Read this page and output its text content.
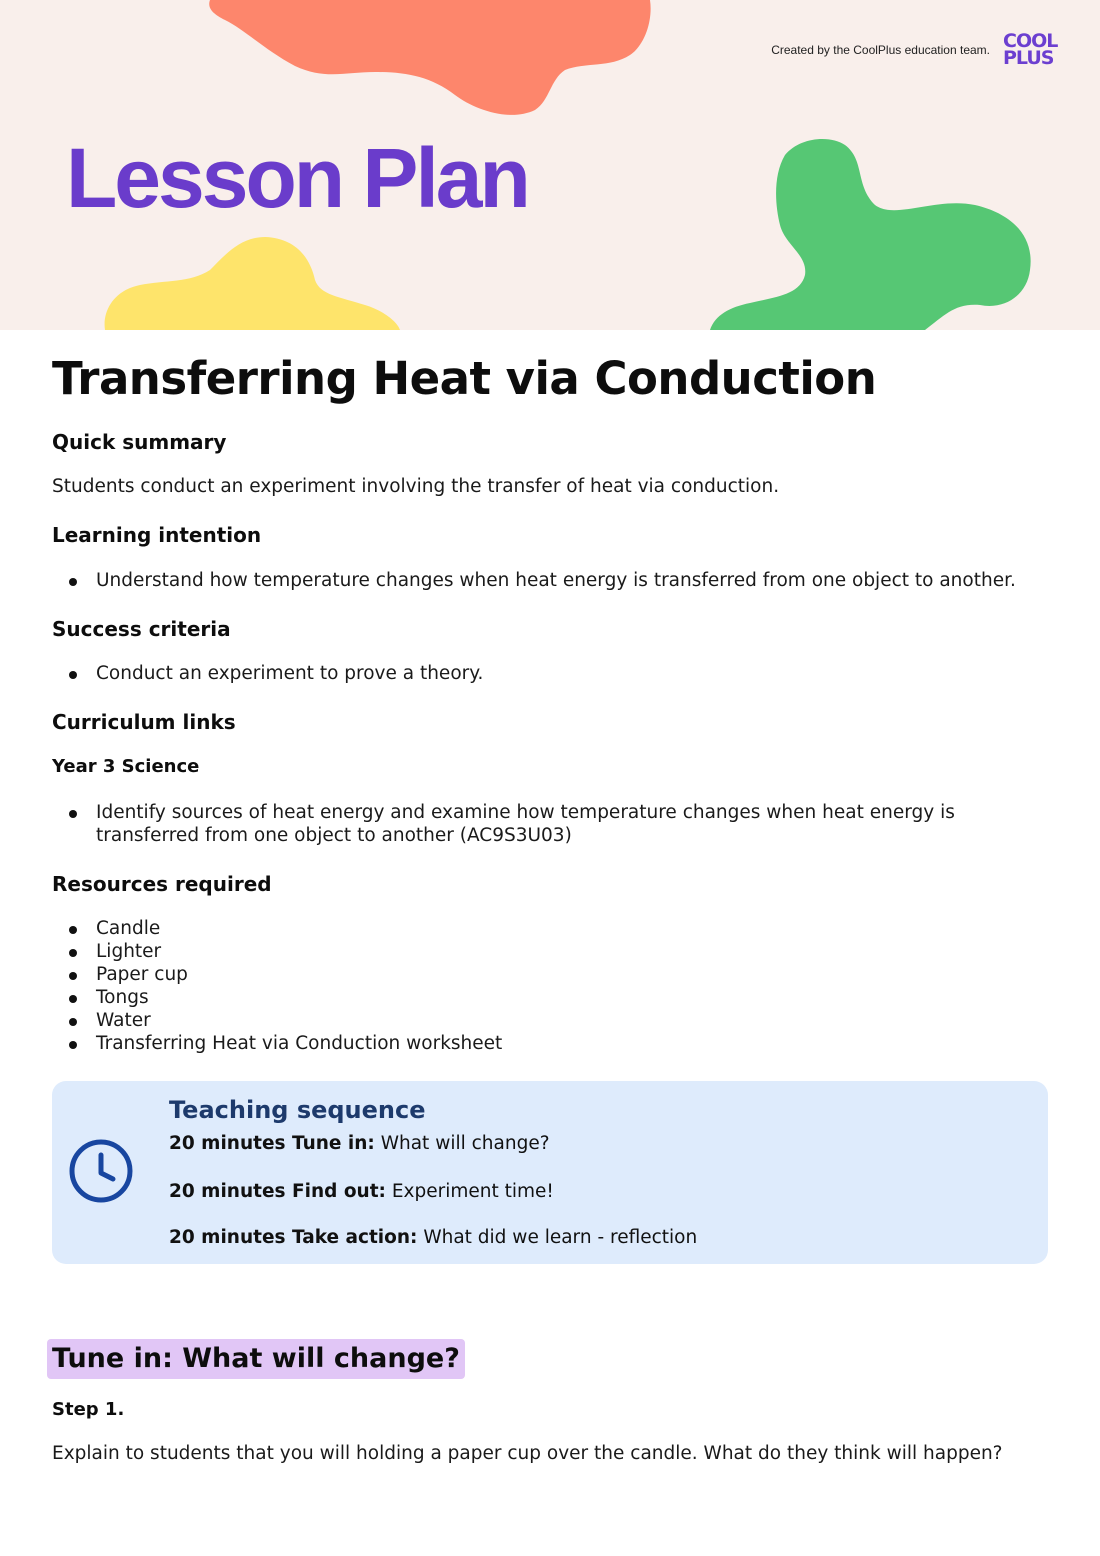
Created by the CoolPlus education team. COOL
PLUS
Lesson Plan
Transferring Heat via Conduction
Quick summary

Students conduct an experiment involving the transfer of heat via conduction.

Learning intention
Understand how temperature changes when heat energy is transferred from one object to another.
Success criteria
Conduct an experiment to prove a theory.
Curriculum links
Year 3 Science
Identify sources of heat energy and examine how temperature changes when heat energy is transferred from one object to another (AC9S3U03)
Resources required
Candle
Lighter
Paper cup
Tongs
Water
Transferring Heat via Conduction worksheet
Teaching sequence

20 minutes Tune in: What will change?

20 minutes Find out: Experiment time!

20 minutes Take action: What did we learn - reflection

Tune in: What will change?
Step 1.

Explain to students that you will holding a paper cup over the candle. What do they think will happen?
